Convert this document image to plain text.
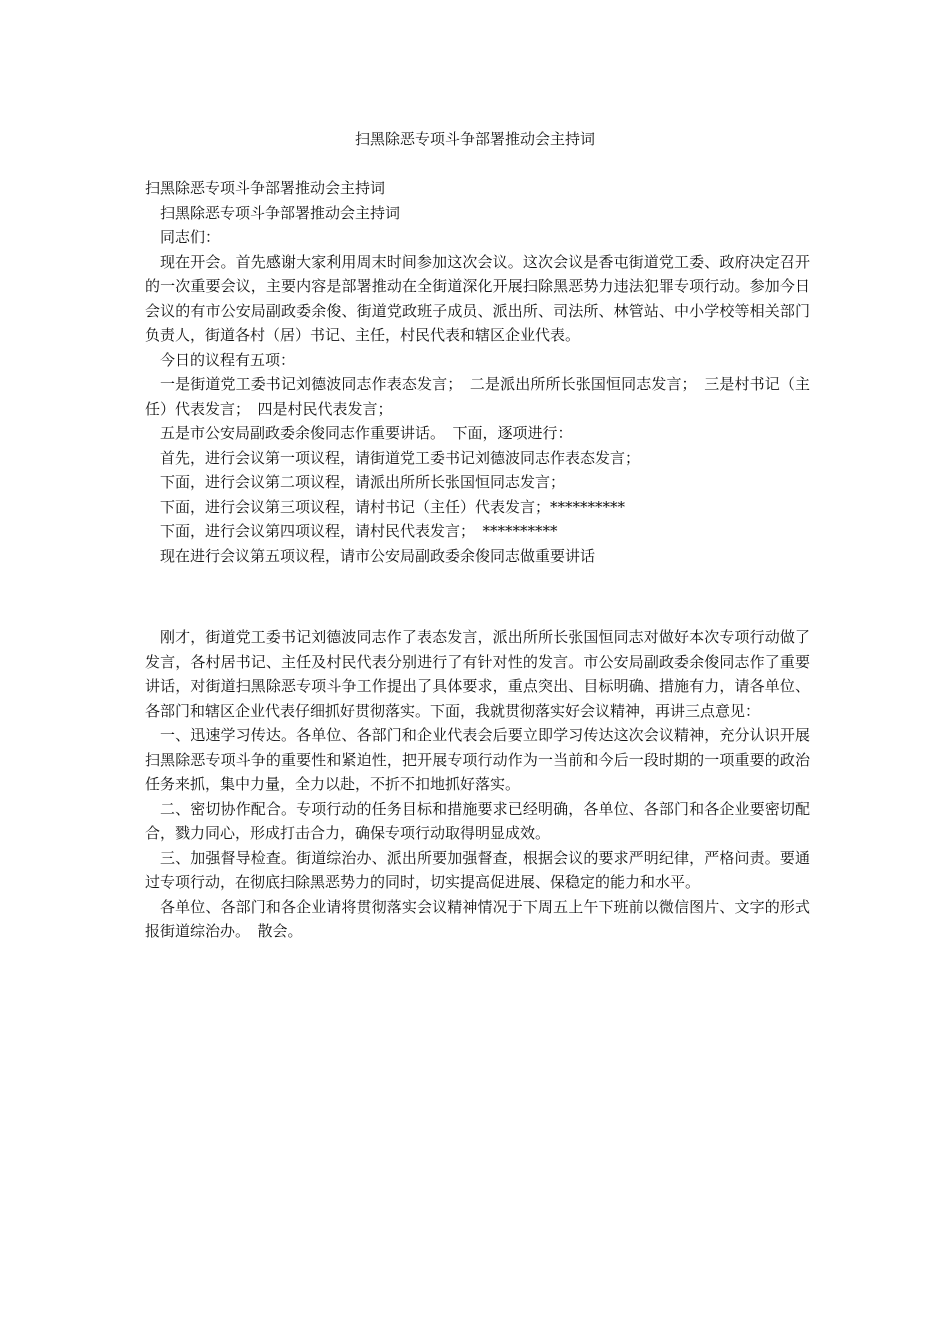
扫黑除恶专项斗争部署推动会主持词

扫黑除恶专项斗争部署推动会主持词

扫黑除恶专项斗争部署推动会主持词

同志们：

现在开会。首先感谢大家利用周末时间参加这次会议。这次会议是香屯街道党工委、政府决定召开的一次重要会议，主要内容是部署推动在全街道深化开展扫除黑恶势力违法犯罪专项行动。参加今日会议的有市公安局副政委余俊、街道党政班子成员、派出所、司法所、林管站、中小学校等相关部门负责人，街道各村（居）书记、主任，村民代表和辖区企业代表。

今日的议程有五项：

一是街道党工委书记刘德波同志作表态发言；　二是派出所所长张国恒同志发言；　三是村书记（主任）代表发言；　四是村民代表发言；

五是市公安局副政委余俊同志作重要讲话。　下面，逐项进行：

首先，进行会议第一项议程，请街道党工委书记刘德波同志作表态发言；

下面，进行会议第二项议程，请派出所所长张国恒同志发言；

下面，进行会议第三项议程，请村书记（主任）代表发言；**********

下面，进行会议第四项议程，请村民代表发言；　**********

现在进行会议第五项议程，请市公安局副政委余俊同志做重要讲话

刚才，街道党工委书记刘德波同志作了表态发言，派出所所长张国恒同志对做好本次专项行动做了发言，各村居书记、主任及村民代表分别进行了有针对性的发言。市公安局副政委余俊同志作了重要讲话，对街道扫黑除恶专项斗争工作提出了具体要求，重点突出、目标明确、措施有力，请各单位、各部门和辖区企业代表仔细抓好贯彻落实。下面，我就贯彻落实好会议精神，再讲三点意见：

一、迅速学习传达。各单位、各部门和企业代表会后要立即学习传达这次会议精神，充分认识开展扫黑除恶专项斗争的重要性和紧迫性，把开展专项行动作为一当前和今后一段时期的一项重要的政治任务来抓，集中力量，全力以赴，不折不扣地抓好落实。

二、密切协作配合。专项行动的任务目标和措施要求已经明确，各单位、各部门和各企业要密切配合，戮力同心，形成打击合力，确保专项行动取得明显成效。

三、加强督导检查。街道综治办、派出所要加强督查，根据会议的要求严明纪律，严格问责。要通过专项行动，在彻底扫除黑恶势力的同时，切实提高促进展、保稳定的能力和水平。

各单位、各部门和各企业请将贯彻落实会议精神情况于下周五上午下班前以微信图片、文字的形式报街道综治办。　散会。
